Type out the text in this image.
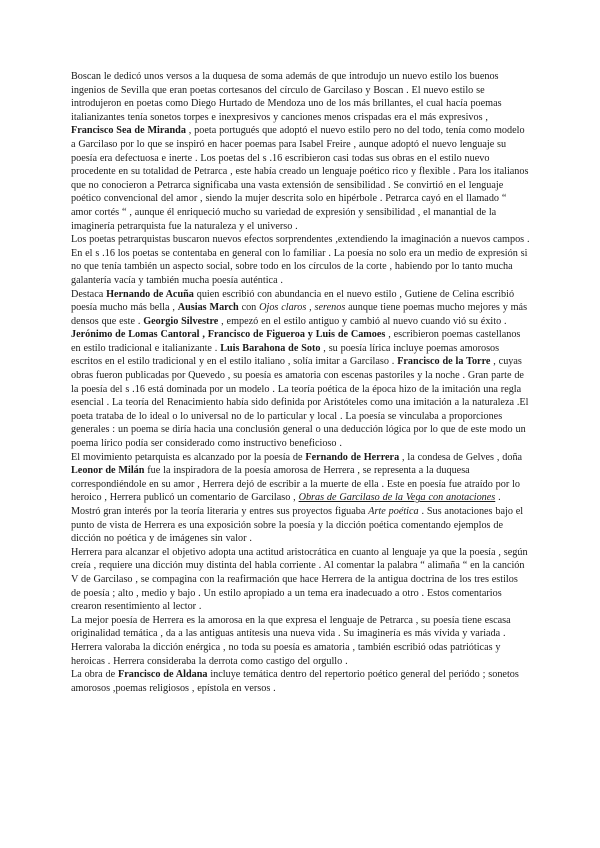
Boscan le dedicó unos versos a la duquesa de soma además de que introdujo un nuevo estilo los buenos ingenios de Sevilla que eran poetas cortesanos del círculo de Garcilaso y Boscan . El nuevo estilo se introdujeron en poetas como Diego Hurtado de Mendoza uno de los más brillantes, el cual hacía poemas italianizantes tenía sonetos torpes e inexpresivos y canciones menos crispadas era el más expresivos , Francisco Sea de Miranda , poeta portugués que adoptó el nuevo estilo pero no del todo, tenía como modelo a Garcilaso por lo que se inspiró en hacer poemas para Isabel Freire , aunque adoptó el nuevo lenguaje su poesía era defectuosa e inerte . Los poetas del s .16 escribieron casi todas sus obras en el estilo nuevo procedente en su totalidad de Petrarca , este había creado un lenguaje poético rico y flexible . Para los italianos que no conocieron a Petrarca significaba una vasta extensión de sensibilidad . Se convirtió en el lenguaje poético convencional del amor , siendo la mujer descrita solo en hipérbole . Petrarca cayó en el llamado “ amor cortés “ , aunque él enriqueció mucho su variedad de expresión y sensibilidad , el manantial de la imaginería petrarquista fue la naturaleza y el universo .

Los poetas petrarquistas buscaron nuevos efectos sorprendentes ,extendiendo la imaginación a nuevos campos . En el s .16 los poetas se contentaba en general con lo familiar . La poesía no solo era un medio de expresión si no que tenía también un aspecto social, sobre todo en los círculos de la corte , habiendo por lo tanto mucha galantería vacía y también mucha poesía auténtica .

Destaca Hernando de Acuña quien escribió con abundancia en el nuevo estilo , Gutiene de Celina escribió poesía mucho más bella , Ausias March con Ojos claros , serenos aunque tiene poemas mucho mejores y más densos que este . Georgio Silvestre , empezó en el estilo antiguo y cambió al nuevo cuando vió su éxito . Jerónimo de Lomas Cantoral , Francisco de Figueroa y Luis de Camoes , escribieron poemas castellanos en estilo tradicional e italianizante . Luis Barahona de Soto , su poesía lírica incluye poemas amorosos escritos en el estilo tradicional y en el estilo italiano , solía imitar a Garcilaso . Francisco de la Torre , cuyas obras fueron publicadas por Quevedo , su poesía es amatoria con escenas pastoriles y la noche . Gran parte de la poesía del s .16 está dominada por un modelo . La teoría poética de la época hizo de la imitación una regla esencial . La teoría del Renacimiento había sido definida por Aristóteles como una imitación a la naturaleza .El poeta trataba de lo ideal o lo universal no de lo particular y local . La poesía se vinculaba a proporciones generales : un poema se diría hacia una conclusión general o una deducción lógica por lo que de este modo un poema lírico podía ser considerado como instructivo beneficioso .

El movimiento petarquista es alcanzado por la poesía de Fernando de Herrera , la condesa de Gelves , doña Leonor de Milán fue la inspiradora de la poesía amorosa de Herrera , se representa a la duquesa correspondiéndole en su amor , Herrera dejó de escribir a la muerte de ella . Este en poesía fue atraído por lo heroico , Herrera publicó un comentario de Garcilaso , Obras de Garcilaso de la Vega con anotaciones . Mostró gran interés por la teoría literaria y entres sus proyectos figuaba Arte poética . Sus anotaciones bajo el punto de vista de Herrera es una exposición sobre la poesía y la dicción poética comentando ejemplos de dicción no poética y de imágenes sin valor .

Herrera para alcanzar el objetivo adopta una actitud aristocrática en cuanto al lenguaje ya que la poesía , según creía , requiere una dicción muy distinta del habla corriente . Al comentar la palabra “ alimaña “ en la canción V de Garcilaso , se compagina con la reafirmación que hace Herrera de la antigua doctrina de los tres estilos de poesía ; alto , medio y bajo . Un estilo apropiado a un tema era inadecuado a otro . Estos comentarios crearon resentimiento al lector .

La mejor poesía de Herrera es la amorosa en la que expresa el lenguaje de Petrarca , su poesía tiene escasa originalidad temática , da a las antiguas antítesis una nueva vida . Su imaginería es más vívida y variada . Herrera valoraba la dicción enérgica , no toda su poesía es amatoria , también escribió odas patrióticas y heroicas . Herrera consideraba la derrota como castigo del orgullo .

La obra de Francisco de Aldana incluye temática dentro del repertorio poético general del periódo ; sonetos amorosos ,poemas religiosos , epístola en versos .
